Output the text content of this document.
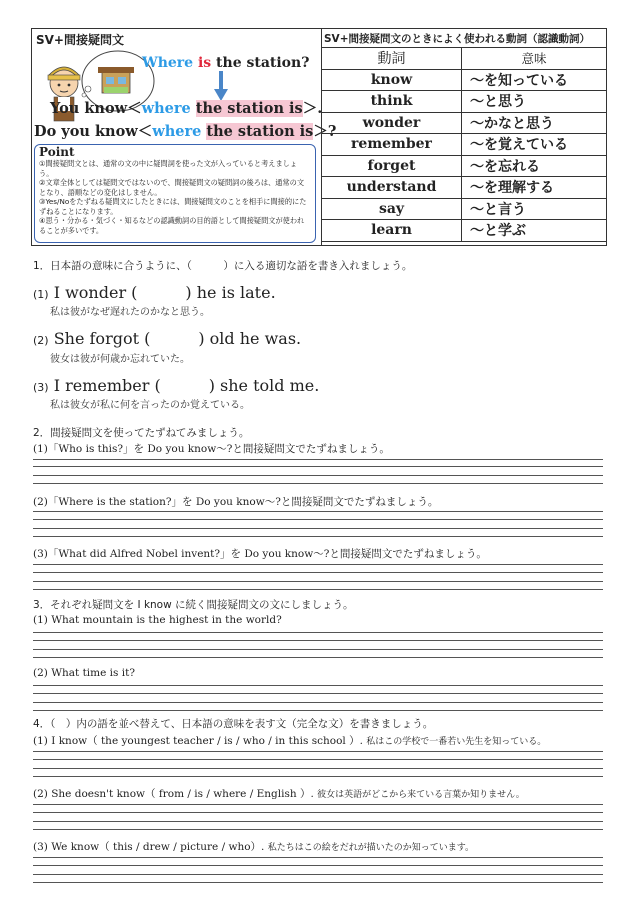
SV+間接疑問文
Where is the station?
You know＜where the station is＞.
Do you know＜where the station is＞?
Point

①間接疑問文とは、通常の文の中に疑問詞を使った文が入っていると考えましょう。

②文章全体としては疑問文ではないので、間接疑問文の疑問詞の後ろは、通常の文となり、語順などの変化はしません。

③Yes/Noをたずねる疑問文にしたときには、間接疑問文のことを相手に間接的にたずねることになります。

④思う・分かる・気づく・知るなどの認識動詞の目的語として間接疑問文が使われることが多いです。

SV+間接疑問文のときによく使われる動詞（認識動詞）
動詞	意味
know	～を知っている
think	～と思う
wonder	～かなと思う
remember	～を覚えている
forget	～を忘れる
understand	～を理解する
say	～と言う
learn	～と学ぶ
1．日本語の意味に合うように、（　　　）に入る適切な語を書き入れましょう。
(1) I wonder (　　　) he is late.
私は彼がなぜ遅れたのかなと思う。
(2) She forgot (　　　) old he was.
彼女は彼が何歳か忘れていた。
(3) I remember (　　　) she told me.
私は彼女が私に何を言ったのか覚えている。
2．間接疑問文を使ってたずねてみましょう。
(1)「Who is this?」を Do you know～?と間接疑問文でたずねましょう。
(2)「Where is the station?」を Do you know～?と間接疑問文でたずねましょう。
(3)「What did Alfred Nobel invent?」を Do you know～?と間接疑問文でたずねましょう。
3．それぞれ疑問文を I know に続く間接疑問文の文にしましょう。
(1) What mountain is the highest in the world?
(2) What time is it?
4．（　）内の語を並べ替えて、日本語の意味を表す文（完全な文）を書きましょう。
(1) I know（ the youngest teacher / is / who / in this school ）. 私はこの学校で一番若い先生を知っている。
(2) She doesn't know（ from / is / where / English ）. 彼女は英語がどこから来ている言葉か知りません。
(3) We know（ this / drew / picture / who）. 私たちはこの絵をだれが描いたのか知っています。
